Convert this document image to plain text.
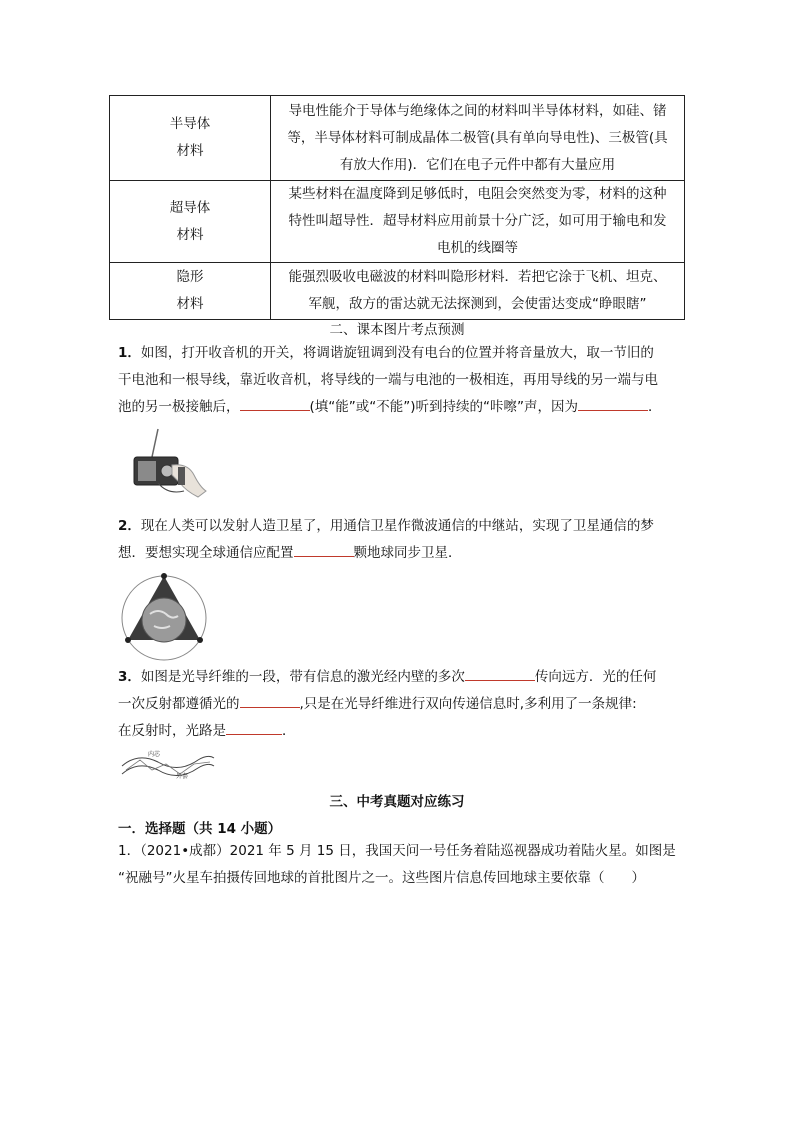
半导体
材料	导电性能介于导体与绝缘体之间的材料叫半导体材料，如硅、锗
等，半导体材料可制成晶体二极管(具有单向导电性)、三极管(具
有放大作用)．它们在电子元件中都有大量应用

超导体
材料	某些材料在温度降到足够低时，电阻会突然变为零，材料的这种
特性叫超导性．超导材料应用前景十分广泛，如可用于输电和发
电机的线圈等

隐形
材料	能强烈吸收电磁波的材料叫隐形材料．若把它涂于飞机、坦克、
军舰，敌方的雷达就无法探测到，会使雷达变成“睁眼瞎”
二、课本图片考点预测
1．如图，打开收音机的开关，将调谐旋钮调到没有电台的位置并将音量放大，取一节旧的
干电池和一根导线，靠近收音机，将导线的一端与电池的一极相连，再用导线的另一端与电
池的另一极接触后，	(填“能”或“不能”)听到持续的“咔嚓”声，因为	．
2．现在人类可以发射人造卫星了，用通信卫星作微波通信的中继站，实现了卫星通信的梦
想．要想实现全球通信应配置	颗地球同步卫星．
3．如图是光导纤维的一段，带有信息的激光经内壁的多次	传向远方．光的任何
一次反射都遵循光的	,只是在光导纤维进行双向传递信息时,多利用了一条规律:
在反射时，光路是	．
内芯
外套
三、中考真题对应练习
一．选择题（共 14 小题）
1．（2021•成都）2021 年 5 月 15 日，我国天问一号任务着陆巡视器成功着陆火星。如图是
“祝融号”火星车拍摄传回地球的首批图片之一。这些图片信息传回地球主要依靠（　　）
